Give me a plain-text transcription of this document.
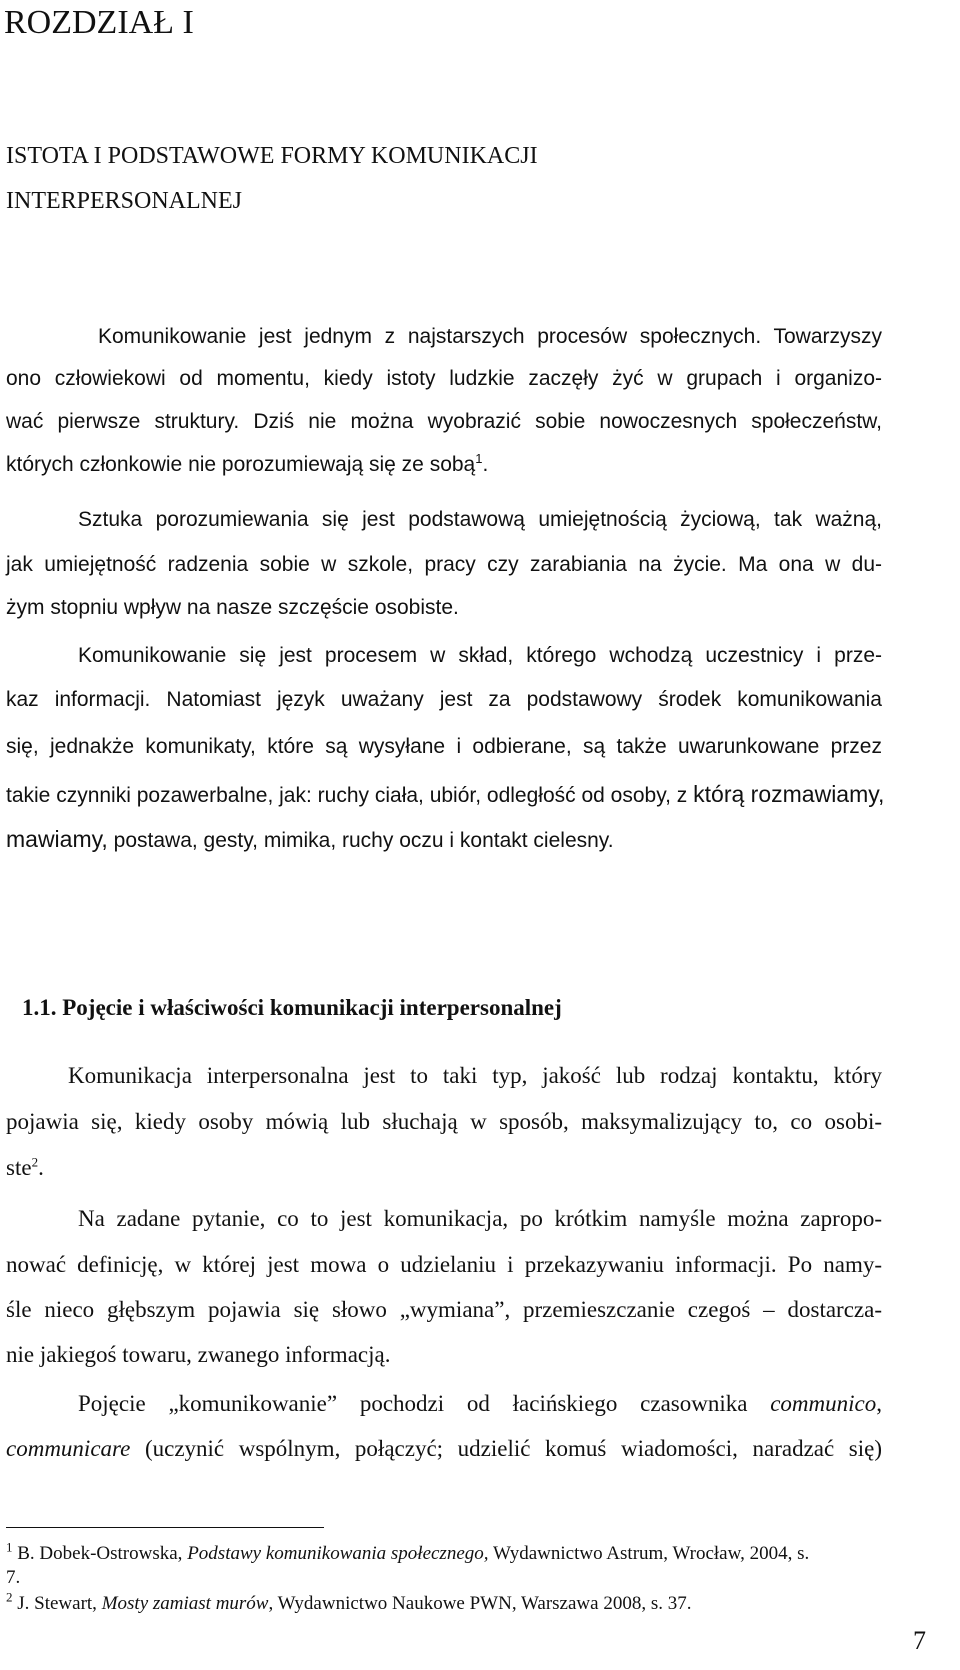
ROZDZIAŁ I
ISTOTA I PODSTAWOWE FORMY KOMUNIKACJI
INTERPERSONALNEJ
Komunikowanie jest jednym z najstarszych procesów społecznych. Towarzyszy
ono człowiekowi od momentu, kiedy istoty ludzkie zaczęły żyć w grupach i organizo-
wać pierwsze struktury. Dziś nie można wyobrazić sobie nowoczesnych społeczeństw,
których członkowie nie porozumiewają się ze sobą$^1$.
Sztuka porozumiewania się jest podstawową umiejętnością życiową, tak ważną,
jak umiejętność radzenia sobie w szkole, pracy czy zarabiania na życie. Ma ona w du-
żym stopniu wpływ na nasze szczęście osobiste.
Komunikowanie się jest procesem w skład, którego wchodzą uczestnicy i prze-
kaz informacji. Natomiast język uważany jest za podstawowy środek komunikowania
się, jednakże komunikaty, które są wysyłane i odbierane, są także uwarunkowane przez
takie czynniki pozawerbalne, jak: ruchy ciała, ubiór, odległość od osoby, z którą rozmawiamy,
mawiamy, postawa, gesty, mimika, ruchy oczu i kontakt cielesny.
1.1. Pojęcie i właściwości komunikacji interpersonalnej
Komunikacja interpersonalna jest to taki typ, jakość lub rodzaj kontaktu, który
pojawia się, kiedy osoby mówią lub słuchają w sposób, maksymalizujący to, co osobi-
ste$^2$.
Na zadane pytanie, co to jest komunikacja, po krótkim namyśle można zapropo-
nować definicję, w której jest mowa o udzielaniu i przekazywaniu informacji. Po namy-
śle nieco głębszym pojawia się słowo „wymiana”, przemieszczanie czegoś – dostarcza-
nie jakiegoś towaru, zwanego informacją.
Pojęcie „komunikowanie” pochodzi od łacińskiego czasownika communico,
communicare (uczynić wspólnym, połączyć; udzielić komuś wiadomości, naradzać się)
$^1$ B. Dobek-Ostrowska, Podstawy komunikowania społecznego, Wydawnictwo Astrum, Wrocław, 2004, s.
7.
$^2$ J. Stewart, Mosty zamiast murów, Wydawnictwo Naukowe PWN, Warszawa 2008, s. 37.
7
